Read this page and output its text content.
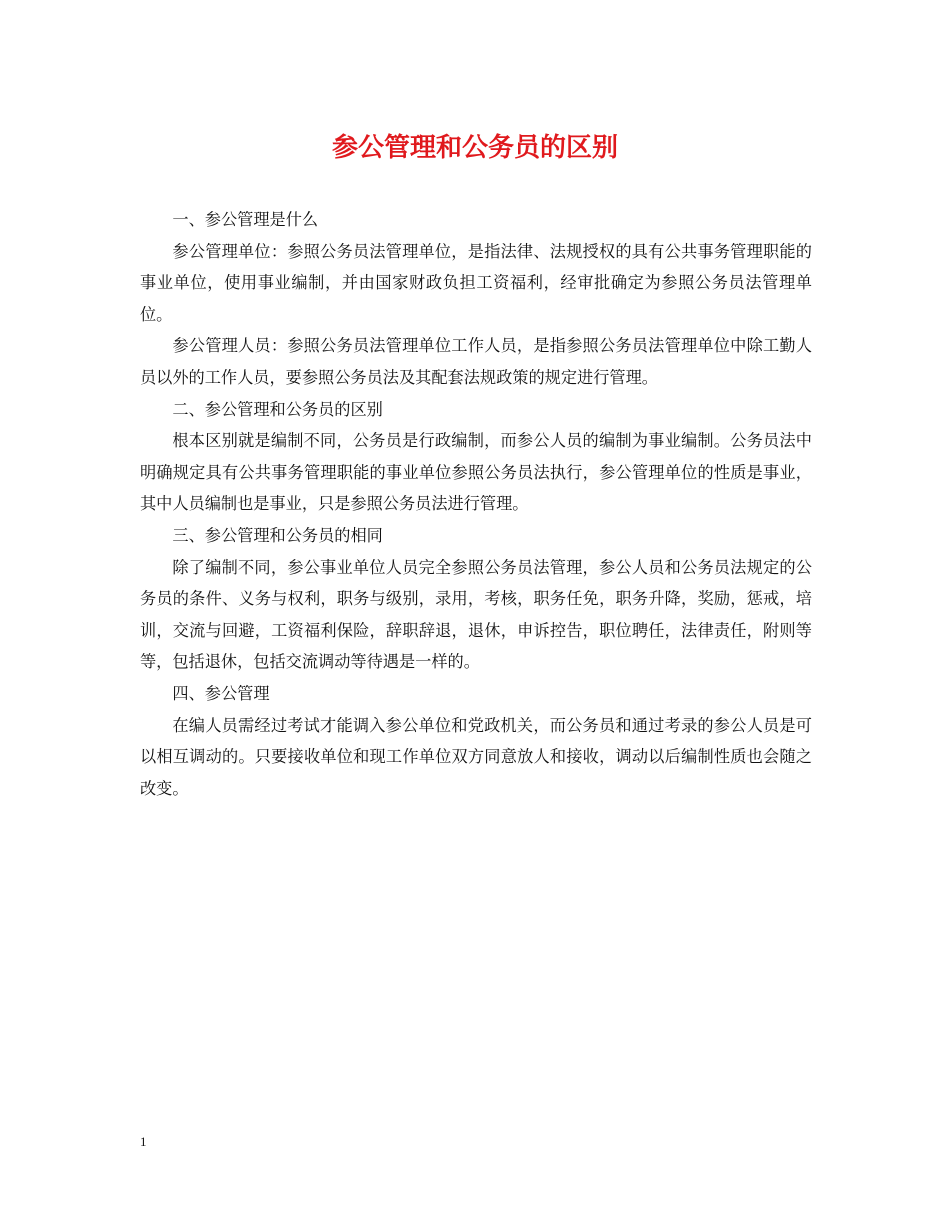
参公管理和公务员的区别

一、参公管理是什么

参公管理单位：参照公务员法管理单位，是指法律、法规授权的具有公共事务管理职能的事业单位，使用事业编制，并由国家财政负担工资福利，经审批确定为参照公务员法管理单位。

参公管理人员：参照公务员法管理单位工作人员，是指参照公务员法管理单位中除工勤人员以外的工作人员，要参照公务员法及其配套法规政策的规定进行管理。

二、参公管理和公务员的区别

根本区别就是编制不同，公务员是行政编制，而参公人员的编制为事业编制。公务员法中明确规定具有公共事务管理职能的事业单位参照公务员法执行，参公管理单位的性质是事业，其中人员编制也是事业，只是参照公务员法进行管理。

三、参公管理和公务员的相同

除了编制不同，参公事业单位人员完全参照公务员法管理，参公人员和公务员法规定的公务员的条件、义务与权利，职务与级别，录用，考核，职务任免，职务升降，奖励，惩戒，培训，交流与回避，工资福利保险，辞职辞退，退休，申诉控告，职位聘任，法律责任，附则等等，包括退休，包括交流调动等待遇是一样的。

四、参公管理

在编人员需经过考试才能调入参公单位和党政机关，而公务员和通过考录的参公人员是可以相互调动的。只要接收单位和现工作单位双方同意放人和接收，调动以后编制性质也会随之改变。

1
